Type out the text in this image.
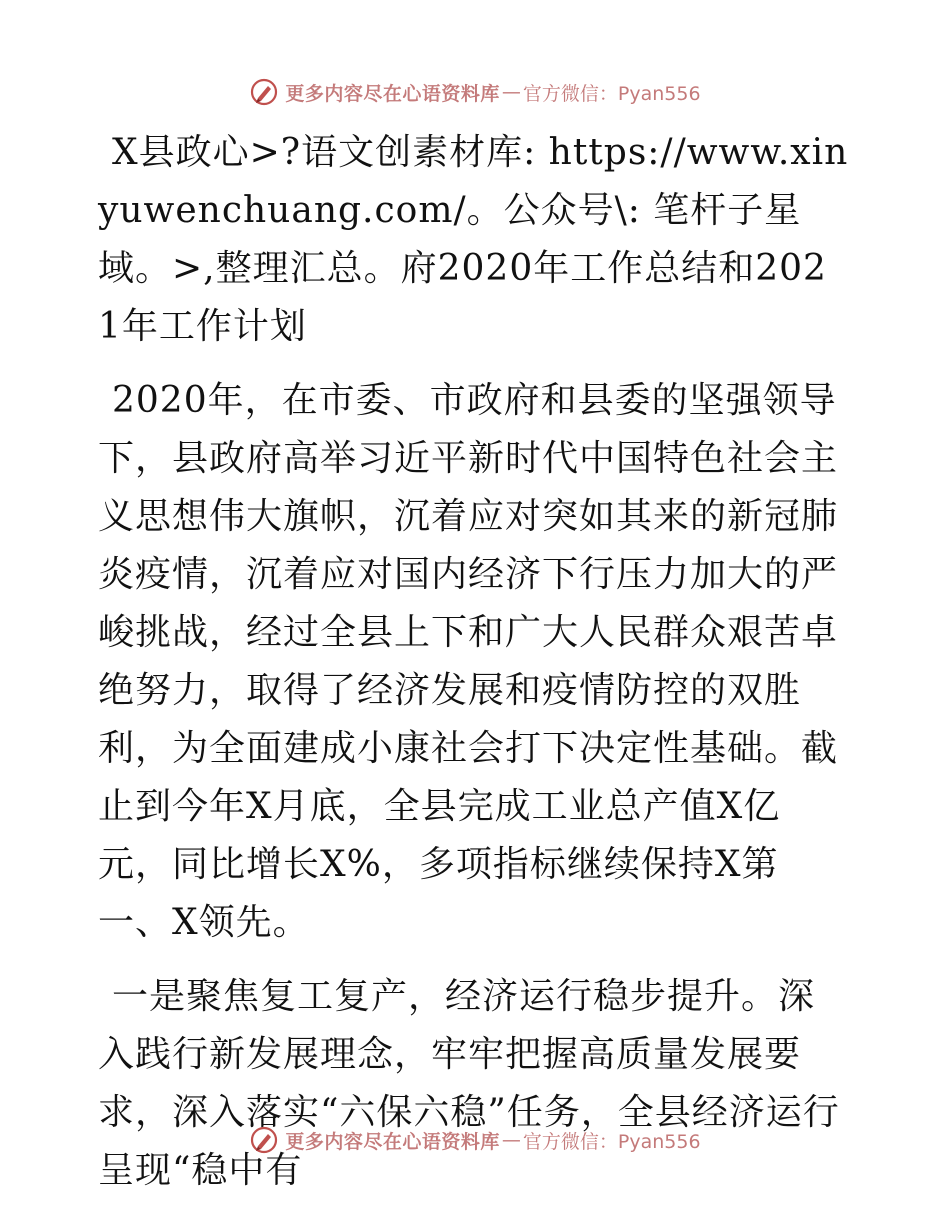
更多内容尽在心语资料库 — 官方微信：Pyan556

X县政心>?语文创素材库: https://www.xinyuwenchuang.com/。公众号\: 笔杆子星域。>,整理汇总。府2020年工作总结和2021年工作计划

2020年，在市委、市政府和县委的坚强领导下，县政府高举习近平新时代中国特色社会主义思想伟大旗帜，沉着应对突如其来的新冠肺炎疫情，沉着应对国内经济下行压力加大的严峻挑战，经过全县上下和广大人民群众艰苦卓绝努力，取得了经济发展和疫情防控的双胜利，为全面建成小康社会打下决定性基础。截止到今年X月底，全县完成工业总产值X亿元，同比增长X%，多项指标继续保持X第一、X领先。

一是聚焦复工复产，经济运行稳步提升。深入践行新发展理念，牢牢把握高质量发展要求，深入落实“六保六稳”任务，全县经济运行呈现“稳中有

更多内容尽在心语资料库 — 官方微信：Pyan556
